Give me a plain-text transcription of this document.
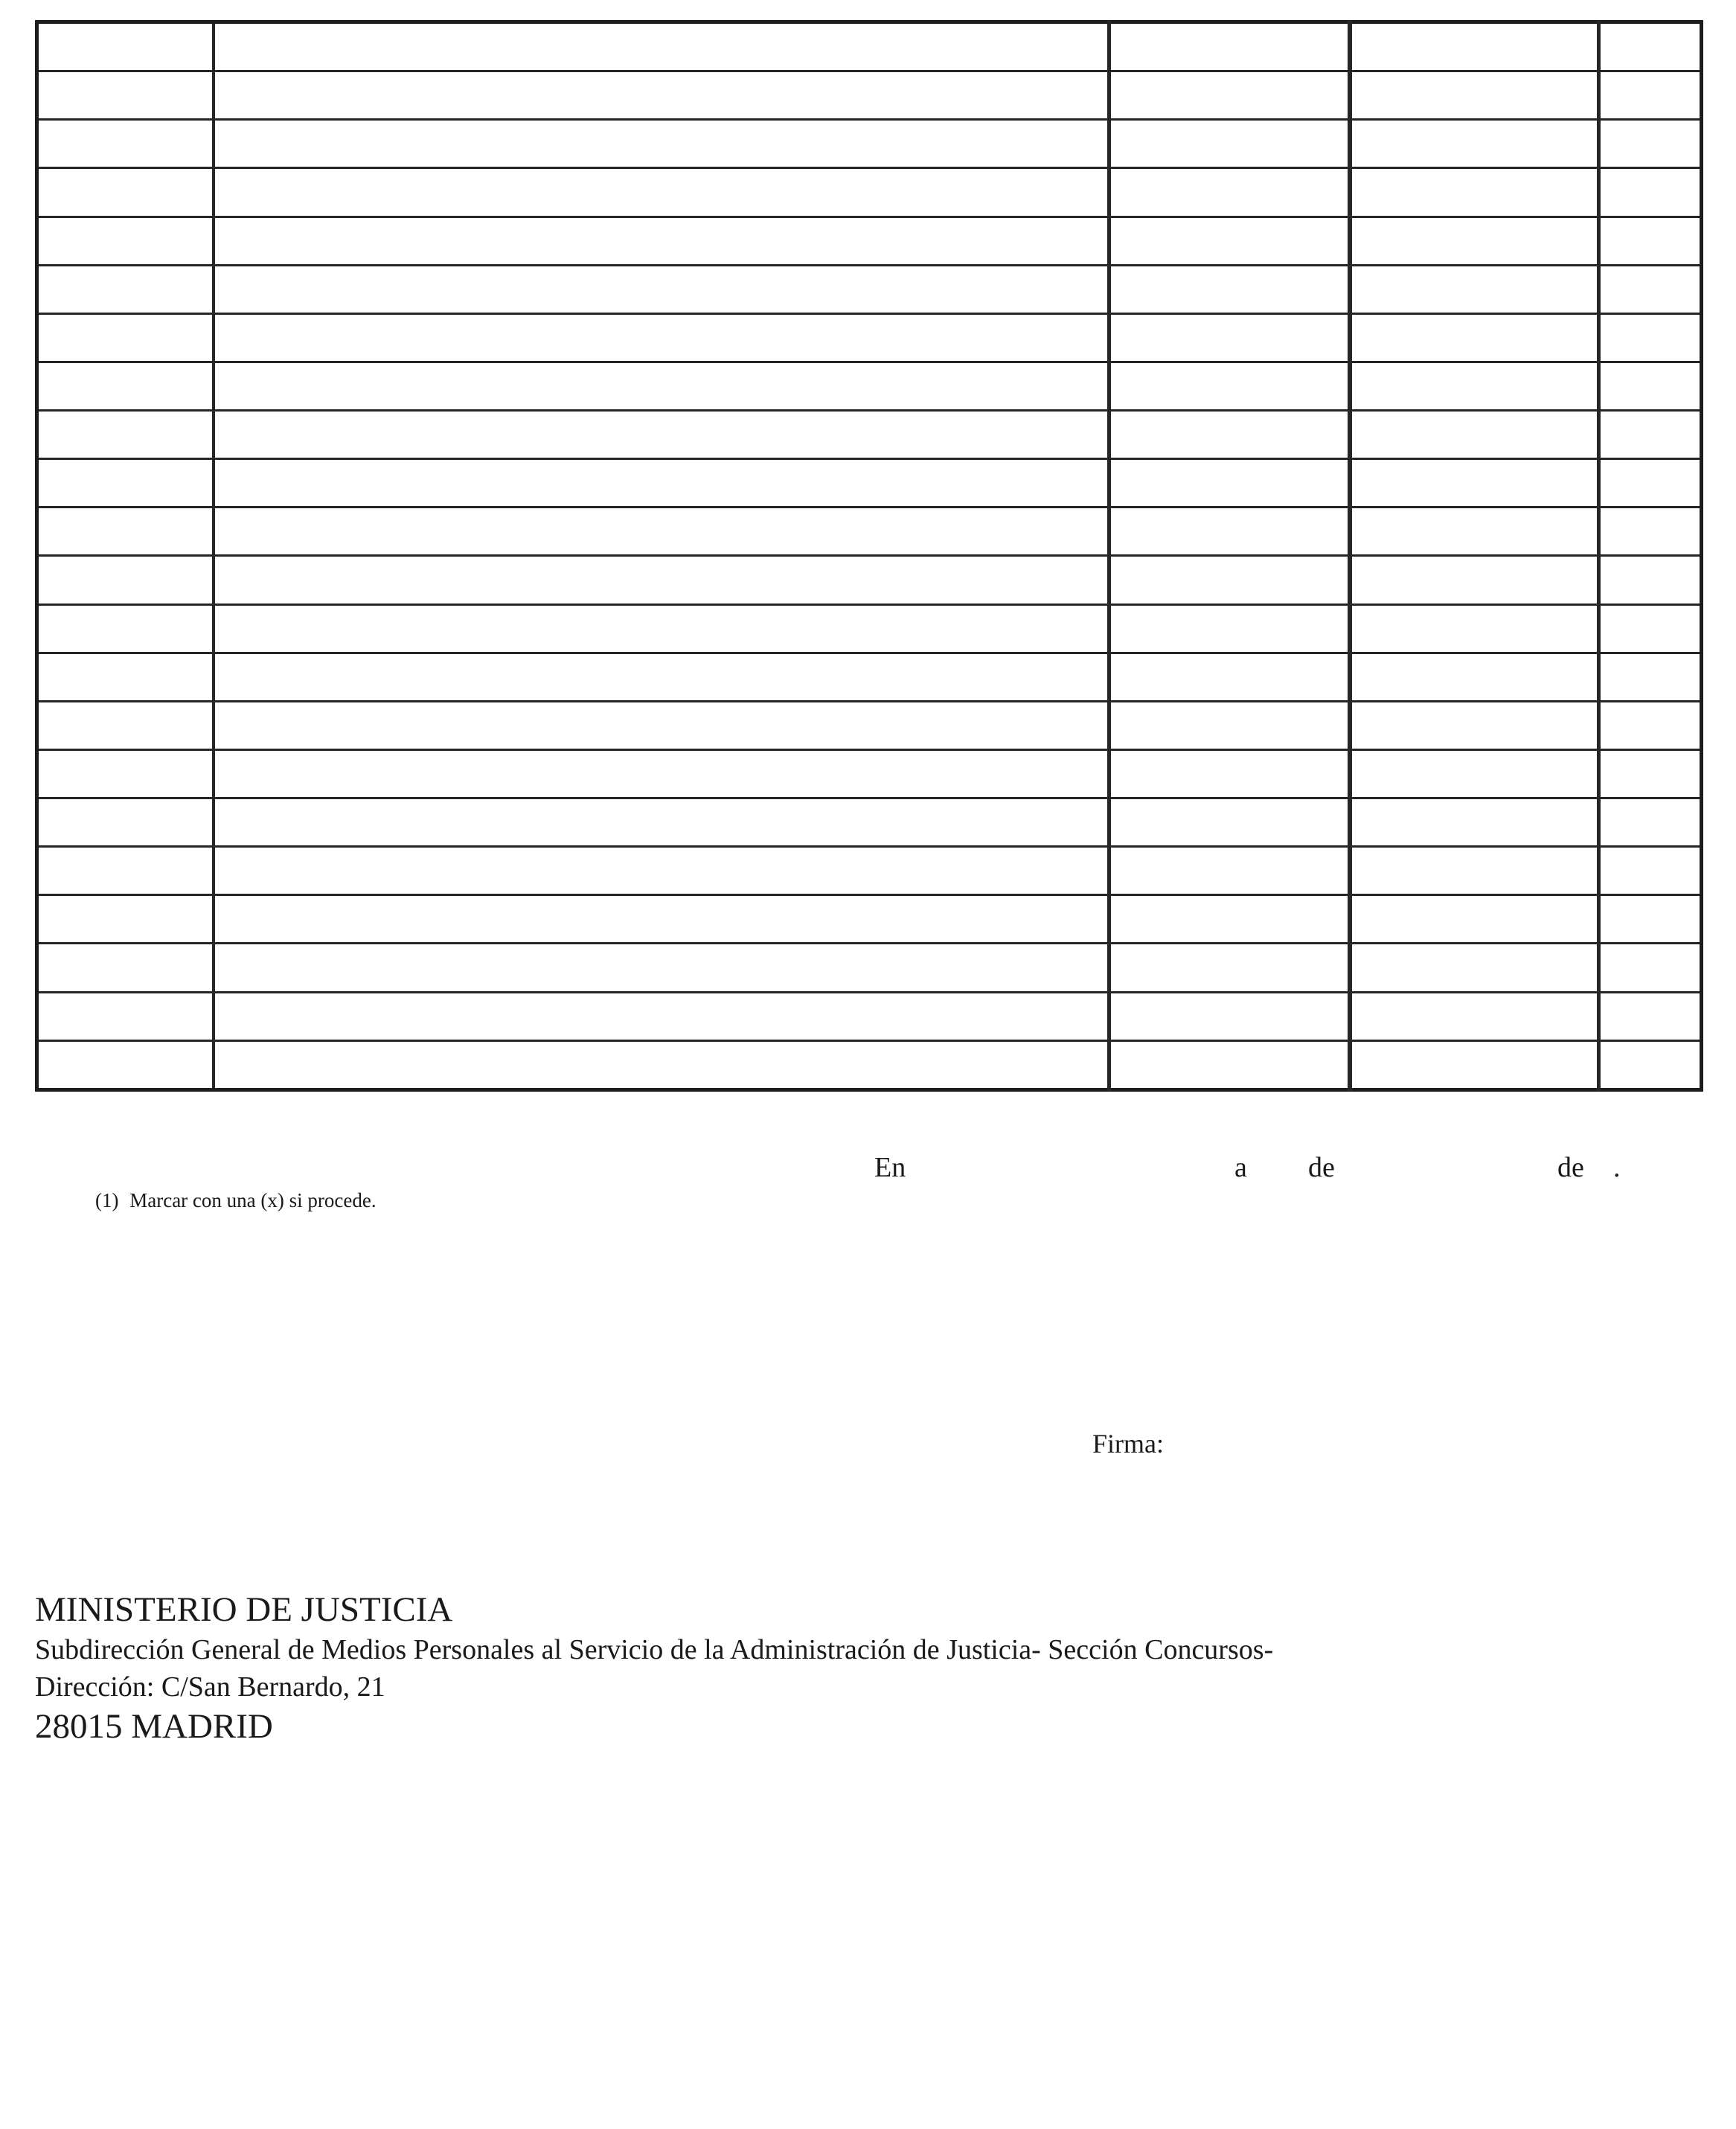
En	a de	de .
(1) Marcar con una (x) si procede.
Firma:
MINISTERIO DE JUSTICIA
Subdirección General de Medios Personales al Servicio de la Administración de Justicia- Sección Concursos-
Dirección: C/San Bernardo, 21
28015 MADRID
